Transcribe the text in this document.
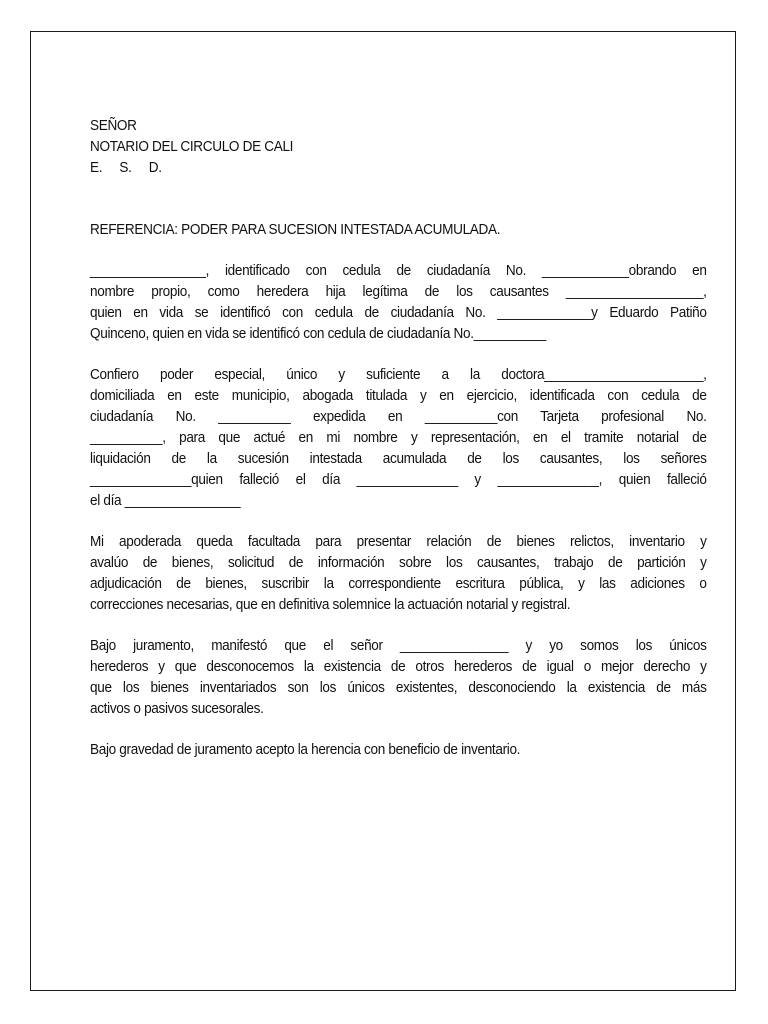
SEÑOR
NOTARIO DEL CIRCULO DE CALI
E.     S.     D.
REFERENCIA: PODER PARA SUCESION INTESTADA ACUMULADA.
________________, identificado con cedula de ciudadanía No. ____________obrando en
nombre propio, como heredera hija legítima de los causantes ___________________,
quien en vida se identificó con cedula de ciudadanía No. _____________y Eduardo Patiño
Quinceno, quien en vida se identificó con cedula de ciudadanía No.__________
Confiero poder especial, único y suficiente a la doctora______________________,
domiciliada en este municipio, abogada titulada y en ejercicio, identificada con cedula de
ciudadanía No. __________ expedida en __________con Tarjeta profesional No.
__________, para que actué en mi nombre y representación, en el tramite notarial de
liquidación de la sucesión intestada acumulada de los causantes, los señores
______________quien falleció el día ______________ y ______________, quien falleció
el día ________________
Mi apoderada queda facultada para presentar relación de bienes relictos, inventario y
avalúo de bienes, solicitud de información sobre los causantes, trabajo de partición y
adjudicación de bienes, suscribir la correspondiente escritura pública, y las adiciones o
correcciones necesarias, que en definitiva solemnice la actuación notarial y registral.
Bajo juramento, manifestó que el señor _______________ y yo somos los únicos
herederos y que desconocemos la existencia de otros herederos de igual o mejor derecho y
que los bienes inventariados son los únicos existentes, desconociendo la existencia de más
activos o pasivos sucesorales.
Bajo gravedad de juramento acepto la herencia con beneficio de inventario.
